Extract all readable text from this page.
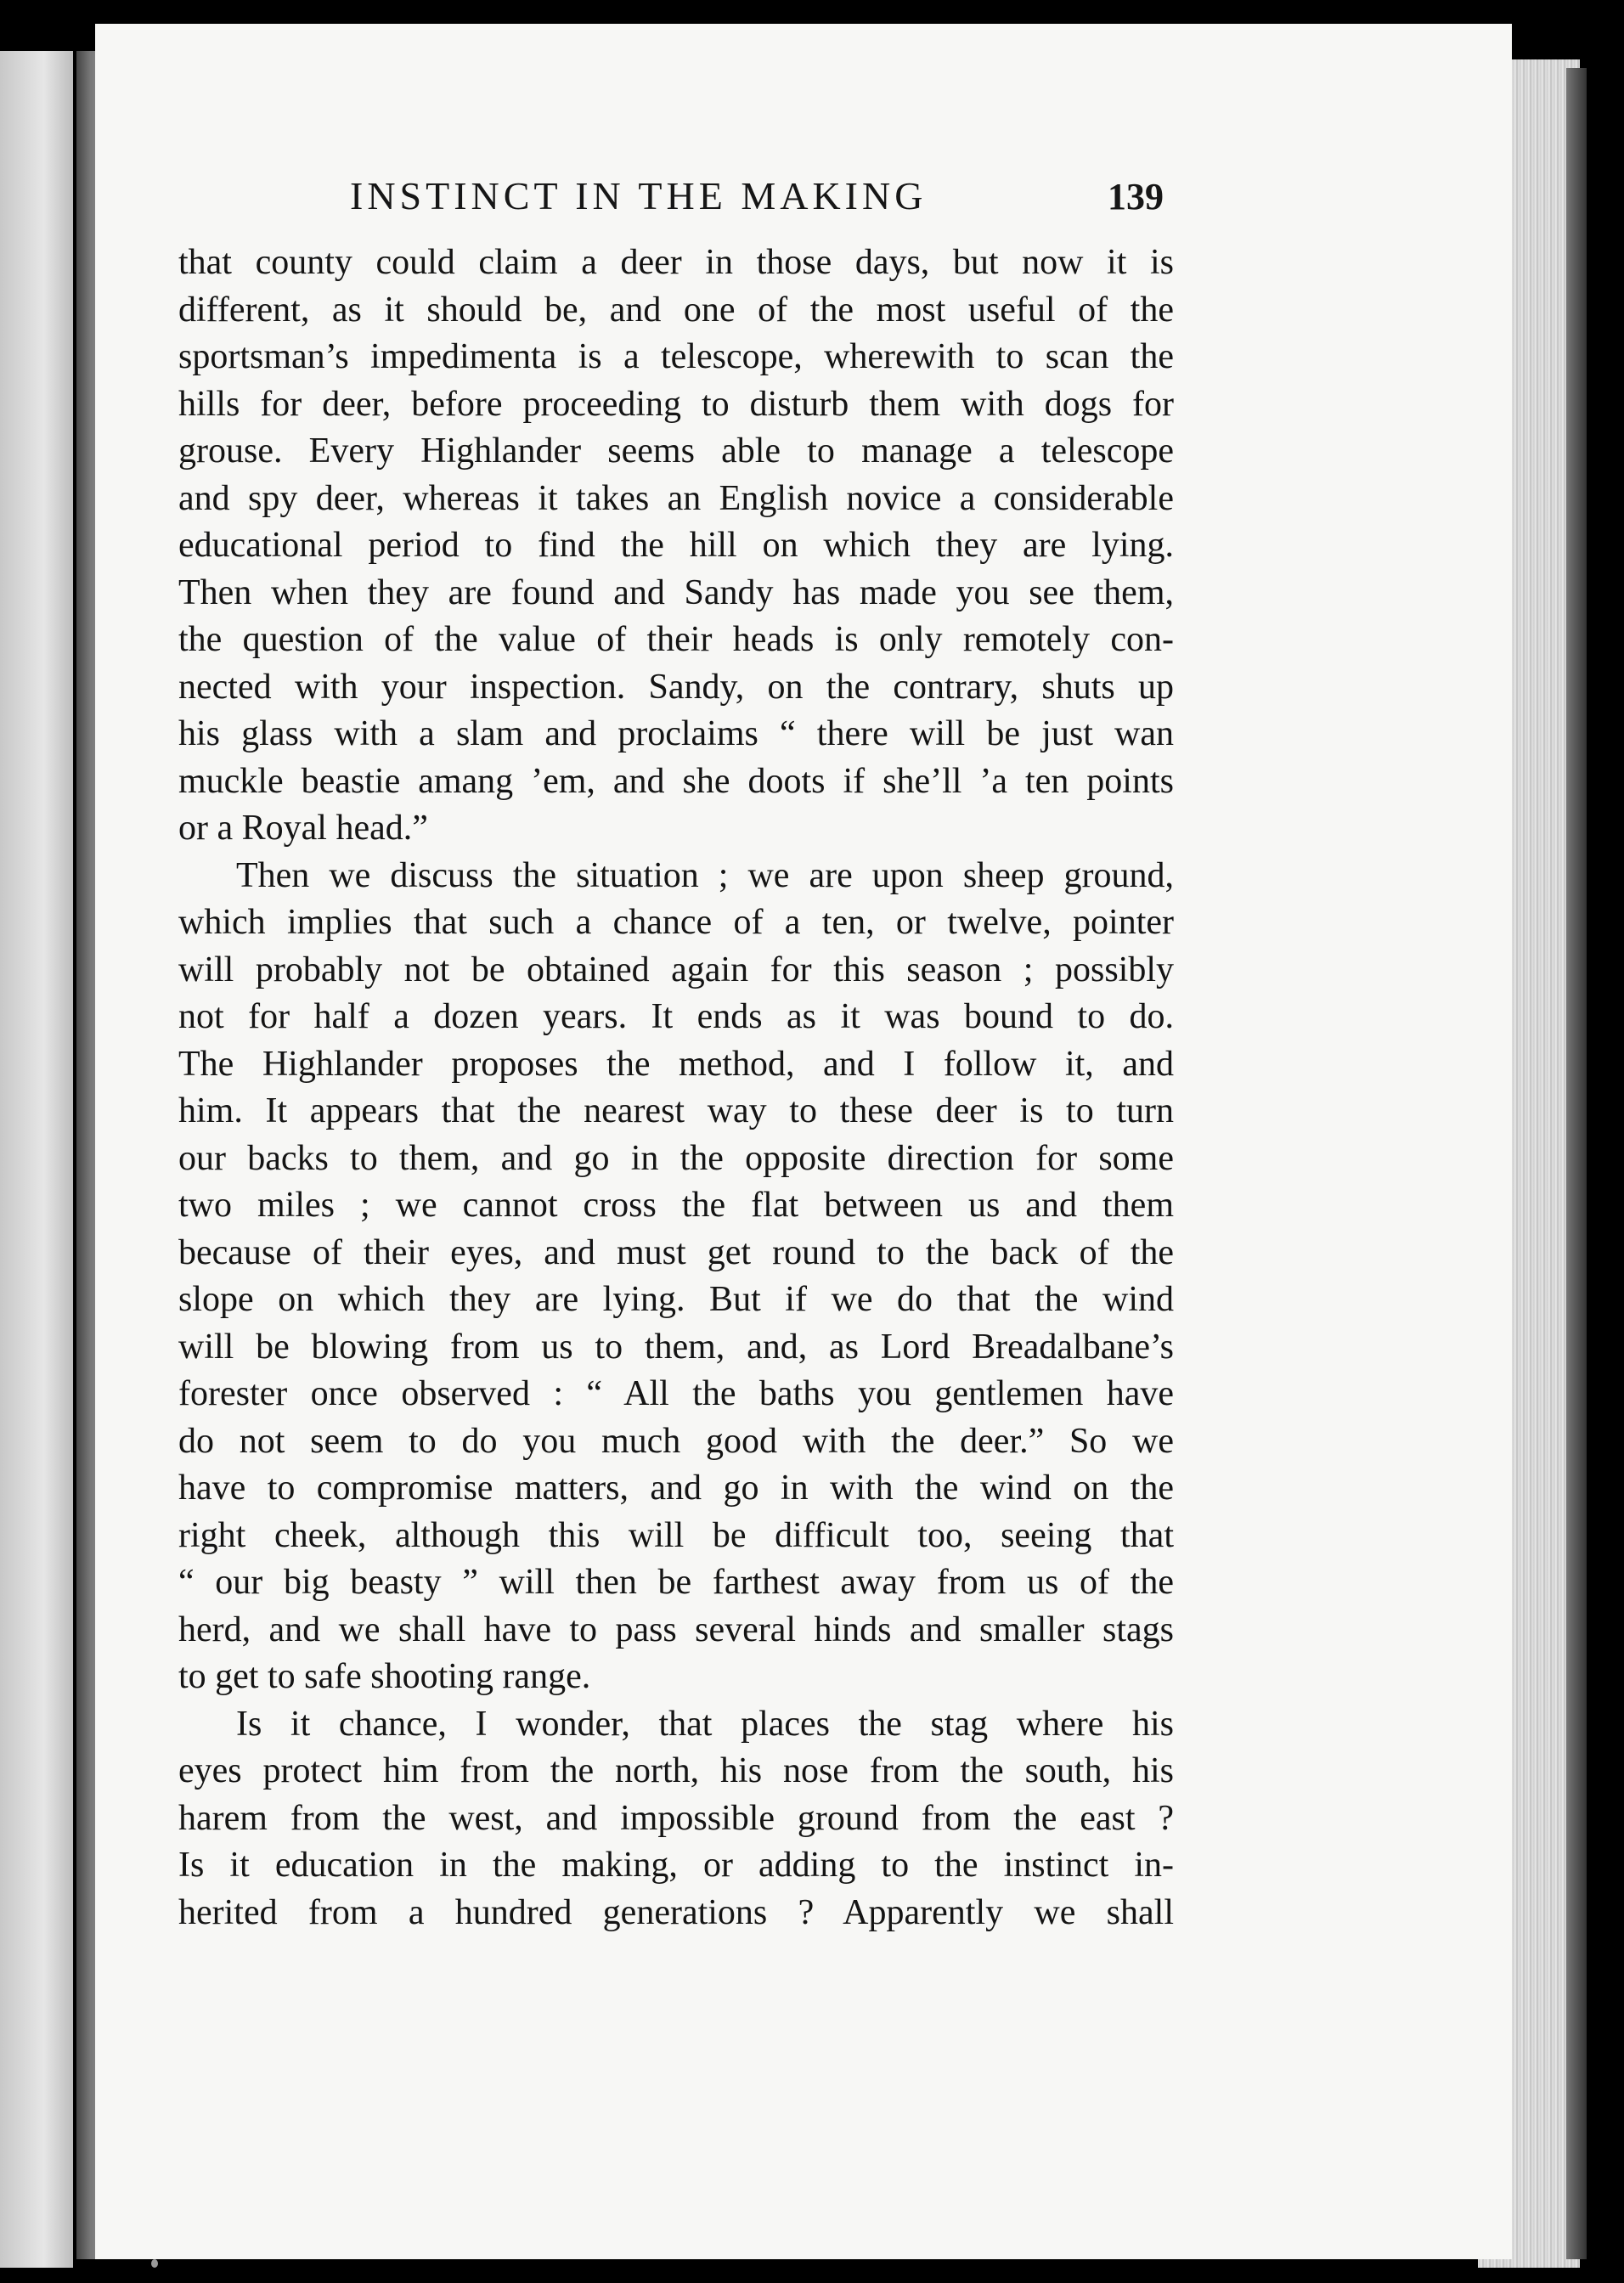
INSTINCT IN THE MAKING	139
that county could claim a deer in those days, but now it is
different, as it should be, and one of the most useful of the
sportsman’s impedimenta is a telescope, wherewith to scan the
hills for deer, before proceeding to disturb them with dogs for
grouse. Every Highlander seems able to manage a telescope
and spy deer, whereas it takes an English novice a considerable
educational period to find the hill on which they are lying.
Then when they are found and Sandy has made you see them,
the question of the value of their heads is only remotely con-
nected with your inspection. Sandy, on the contrary, shuts up
his glass with a slam and proclaims “ there will be just wan
muckle beastie amang ’em, and she doots if she’ll ’a ten points
or a Royal head.”
Then we discuss the situation ; we are upon sheep ground,
which implies that such a chance of a ten, or twelve, pointer
will probably not be obtained again for this season ; possibly
not for half a dozen years. It ends as it was bound to do.
The Highlander proposes the method, and I follow it, and
him. It appears that the nearest way to these deer is to turn
our backs to them, and go in the opposite direction for some
two miles ; we cannot cross the flat between us and them
because of their eyes, and must get round to the back of the
slope on which they are lying. But if we do that the wind
will be blowing from us to them, and, as Lord Breadalbane’s
forester once observed : “ All the baths you gentlemen have
do not seem to do you much good with the deer.” So we
have to compromise matters, and go in with the wind on the
right cheek, although this will be difficult too, seeing that
“ our big beasty ” will then be farthest away from us of the
herd, and we shall have to pass several hinds and smaller stags
to get to safe shooting range.
Is it chance, I wonder, that places the stag where his
eyes protect him from the north, his nose from the south, his
harem from the west, and impossible ground from the east ?
Is it education in the making, or adding to the instinct in-
herited from a hundred generations ? Apparently we shall
